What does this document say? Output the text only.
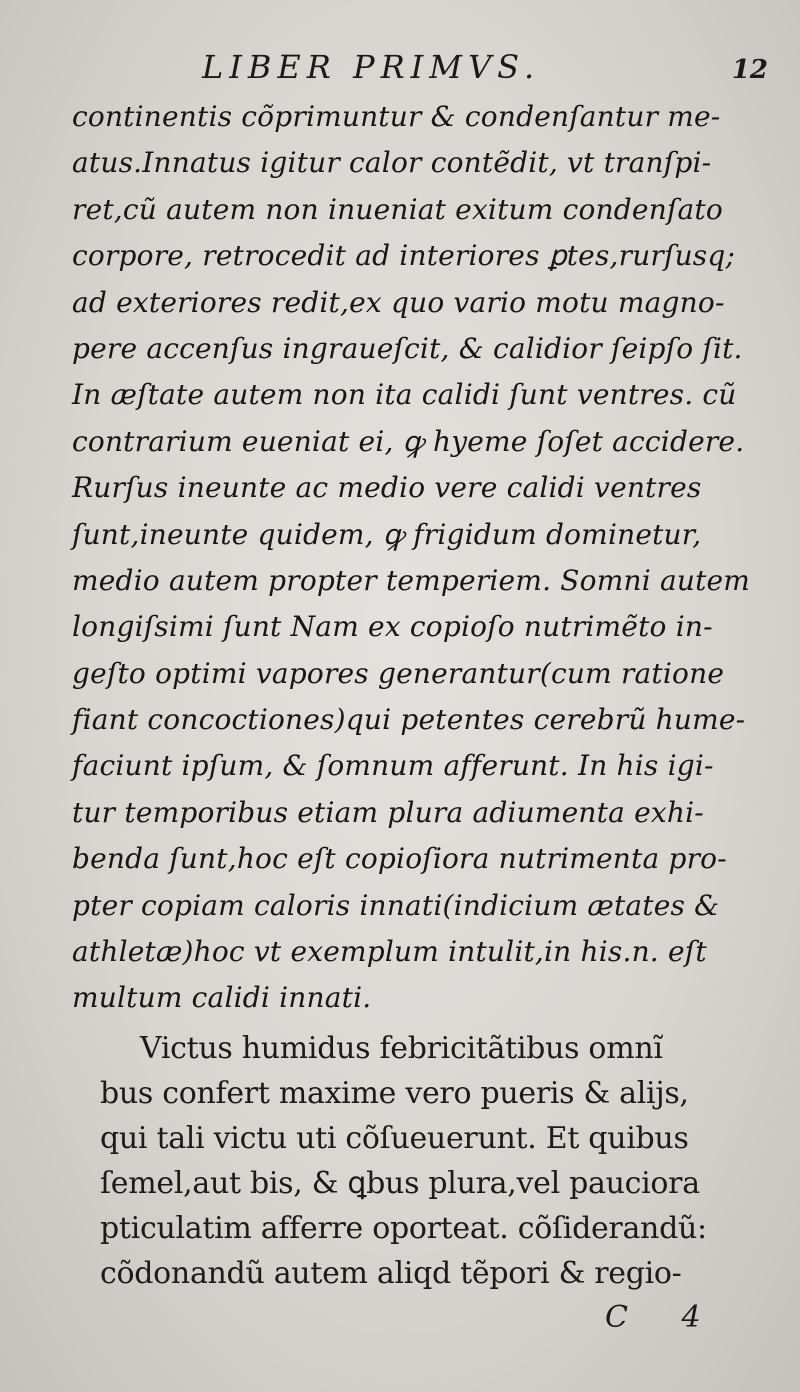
LIBER PRIMVS.	12
continentis cõprimuntur & condenſantur me-
atus.Innatus igitur calor contẽdit, vt tranſpi-
ret,cũ autem non inueniat exitum condenſato
corpore, retrocedit ad interiores ꝑtes,rurſusq;
ad exteriores redit,ex quo vario motu magno-
pere accenſus ingraueſcit, & calidior ſeipſo ſit.
In æſtate autem non ita calidi ſunt ventres. cũ
contrarium eueniat ei, ꝙ hyeme ſoſet accidere.
Rurſus ineunte ac medio vere calidi ventres
ſunt,ineunte quidem, ꝙ frigidum dominetur,
medio autem propter temperiem. Somni autem
longiſsimi ſunt Nam ex copioſo nutrimẽto in-
geſto optimi vapores generantur(cum ratione
fiant concoctiones)qui petentes cerebrũ hume-
faciunt ipſum, & ſomnum afferunt. In his igi-
tur temporibus etiam plura adiumenta exhi-
benda ſunt,hoc eſt copioſiora nutrimenta pro-
pter copiam caloris innati(indicium ætates &
athletæ)hoc vt exemplum intulit,in his.n. eſt
multum calidi innati.
Victus humidus febricitãtibus omnĩ
bus confert maxime vero pueris & alijs,
qui tali victu uti cõſueuerunt. Et quibus
ſemel,aut bis, & ꝗbus plura,vel pauciora
pticulatim afferre oporteat. cõſiderandũ:
cõdonandũ autem aliqd tẽpori & regio-
C 4
